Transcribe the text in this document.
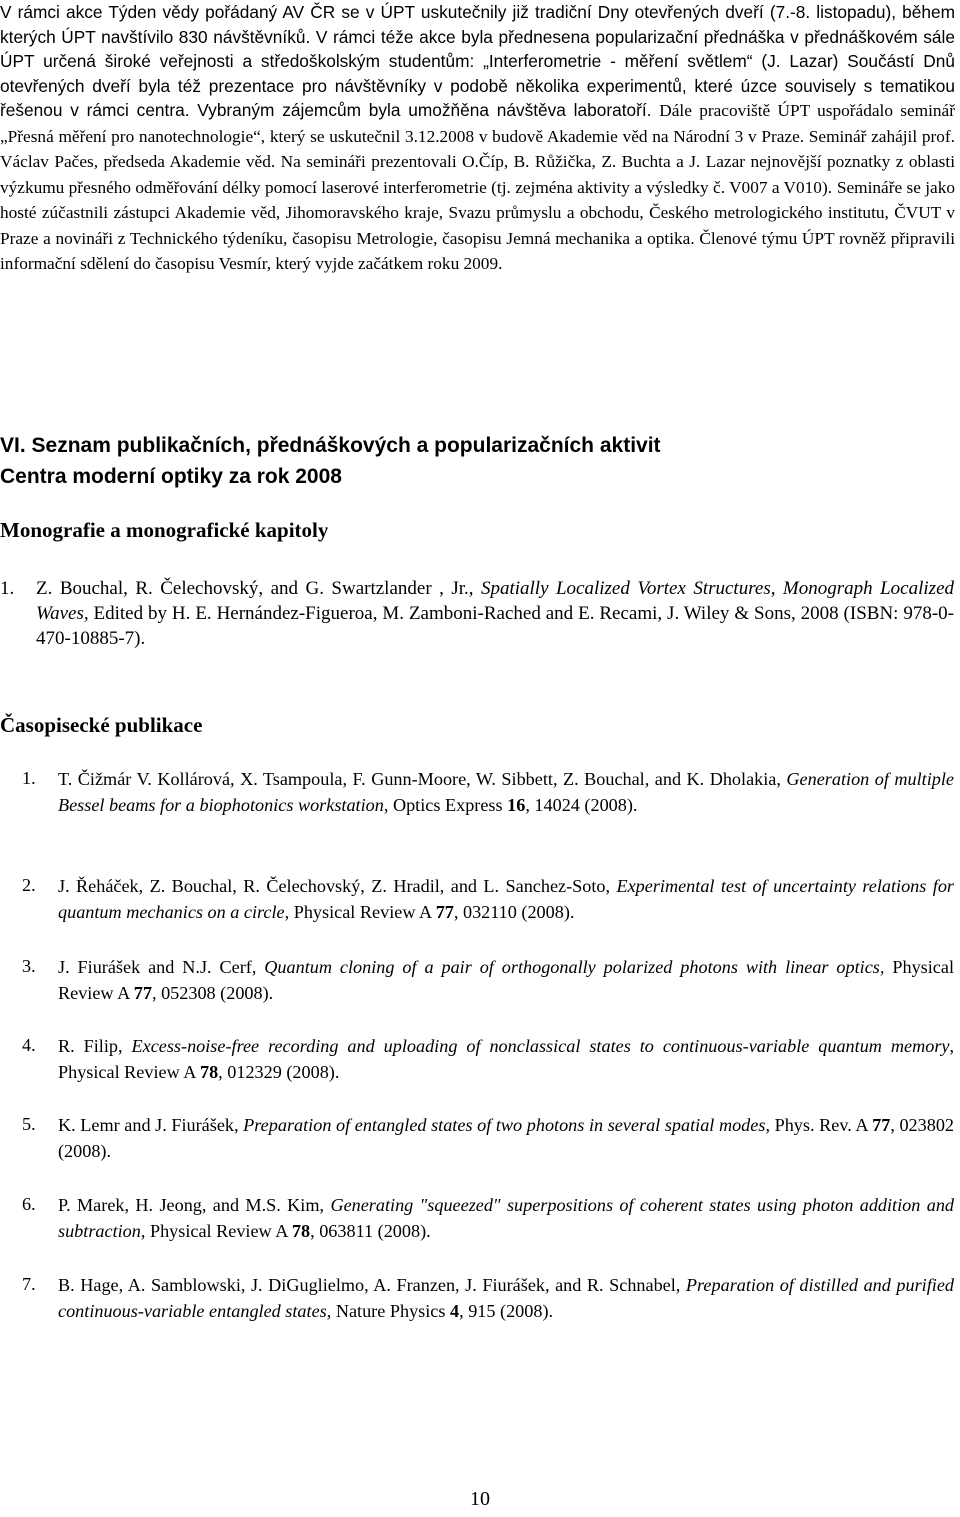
V rámci akce Týden vědy pořádaný AV ČR se v ÚPT uskutečnily již tradiční Dny otevřených dveří (7.-8. listopadu), během kterých ÚPT navštívilo 830 návštěvníků. V rámci téže akce byla přednesena popularizační přednáška v přednáškovém sále ÚPT určená široké veřejnosti a středoškolským studentům: „Interferometrie - měření světlem“ (J. Lazar) Součástí Dnů otevřených dveří byla též prezentace pro návštěvníky v podobě několika experimentů, které úzce souvisely s tematikou řešenou v rámci centra. Vybraným zájemcům byla umožňěna návštěva laboratoří. Dále pracoviště ÚPT uspořádalo seminář „Přesná měření pro nanotechnologie“, který se uskutečnil 3.12.2008 v budově Akademie věd na Národní 3 v Praze. Seminář zahájil prof. Václav Pačes, předseda Akademie věd. Na semináři prezentovali O.Číp, B. Růžička, Z. Buchta a J. Lazar nejnovější poznatky z oblasti výzkumu přesného odměřování délky pomocí laserové interferometrie (tj. zejména aktivity a výsledky č. V007 a V010). Semináře se jako hosté zúčastnili zástupci Akademie věd, Jihomoravského kraje, Svazu průmyslu a obchodu, Českého metrologického institutu, ČVUT v Praze a novináři z Technického týdeníku, časopisu Metrologie, časopisu Jemná mechanika a optika. Členové týmu ÚPT rovněž připravili informační sdělení do časopisu Vesmír, který vyjde začátkem roku 2009.
VI. Seznam publikačních, přednáškových a popularizačních aktivit
Centra moderní optiky za rok 2008
Monografie a monografické kapitoly
1. Z. Bouchal, R. Čelechovský, and G. Swartzlander , Jr., Spatially Localized Vortex Structures, Monograph Localized Waves, Edited by H. E. Hernández-Figueroa, M. Zamboni-Rached and E. Recami, J. Wiley & Sons, 2008 (ISBN: 978-0-470-10885-7).
Časopisecké publikace
1. T. Čižmár V. Kollárová, X. Tsampoula, F. Gunn-Moore, W. Sibbett, Z. Bouchal, and K. Dholakia, Generation of multiple Bessel beams for a biophotonics workstation, Optics Express 16, 14024 (2008).
2. J. Řeháček, Z. Bouchal, R. Čelechovský, Z. Hradil, and L. Sanchez-Soto, Experimental test of uncertainty relations for quantum mechanics on a circle, Physical Review A 77, 032110 (2008).
3. J. Fiurášek and N.J. Cerf, Quantum cloning of a pair of orthogonally polarized photons with linear optics, Physical Review A 77, 052308 (2008).
4. R. Filip, Excess-noise-free recording and uploading of nonclassical states to continuous-variable quantum memory, Physical Review A 78, 012329 (2008).
5. K. Lemr and J. Fiurášek, Preparation of entangled states of two photons in several spatial modes, Phys. Rev. A 77, 023802 (2008).
6. P. Marek, H. Jeong, and M.S. Kim, Generating "squeezed" superpositions of coherent states using photon addition and subtraction, Physical Review A 78, 063811 (2008).
7. B. Hage, A. Samblowski, J. DiGuglielmo, A. Franzen, J. Fiurášek, and R. Schnabel, Preparation of distilled and purified continuous-variable entangled states, Nature Physics 4, 915 (2008).
10
